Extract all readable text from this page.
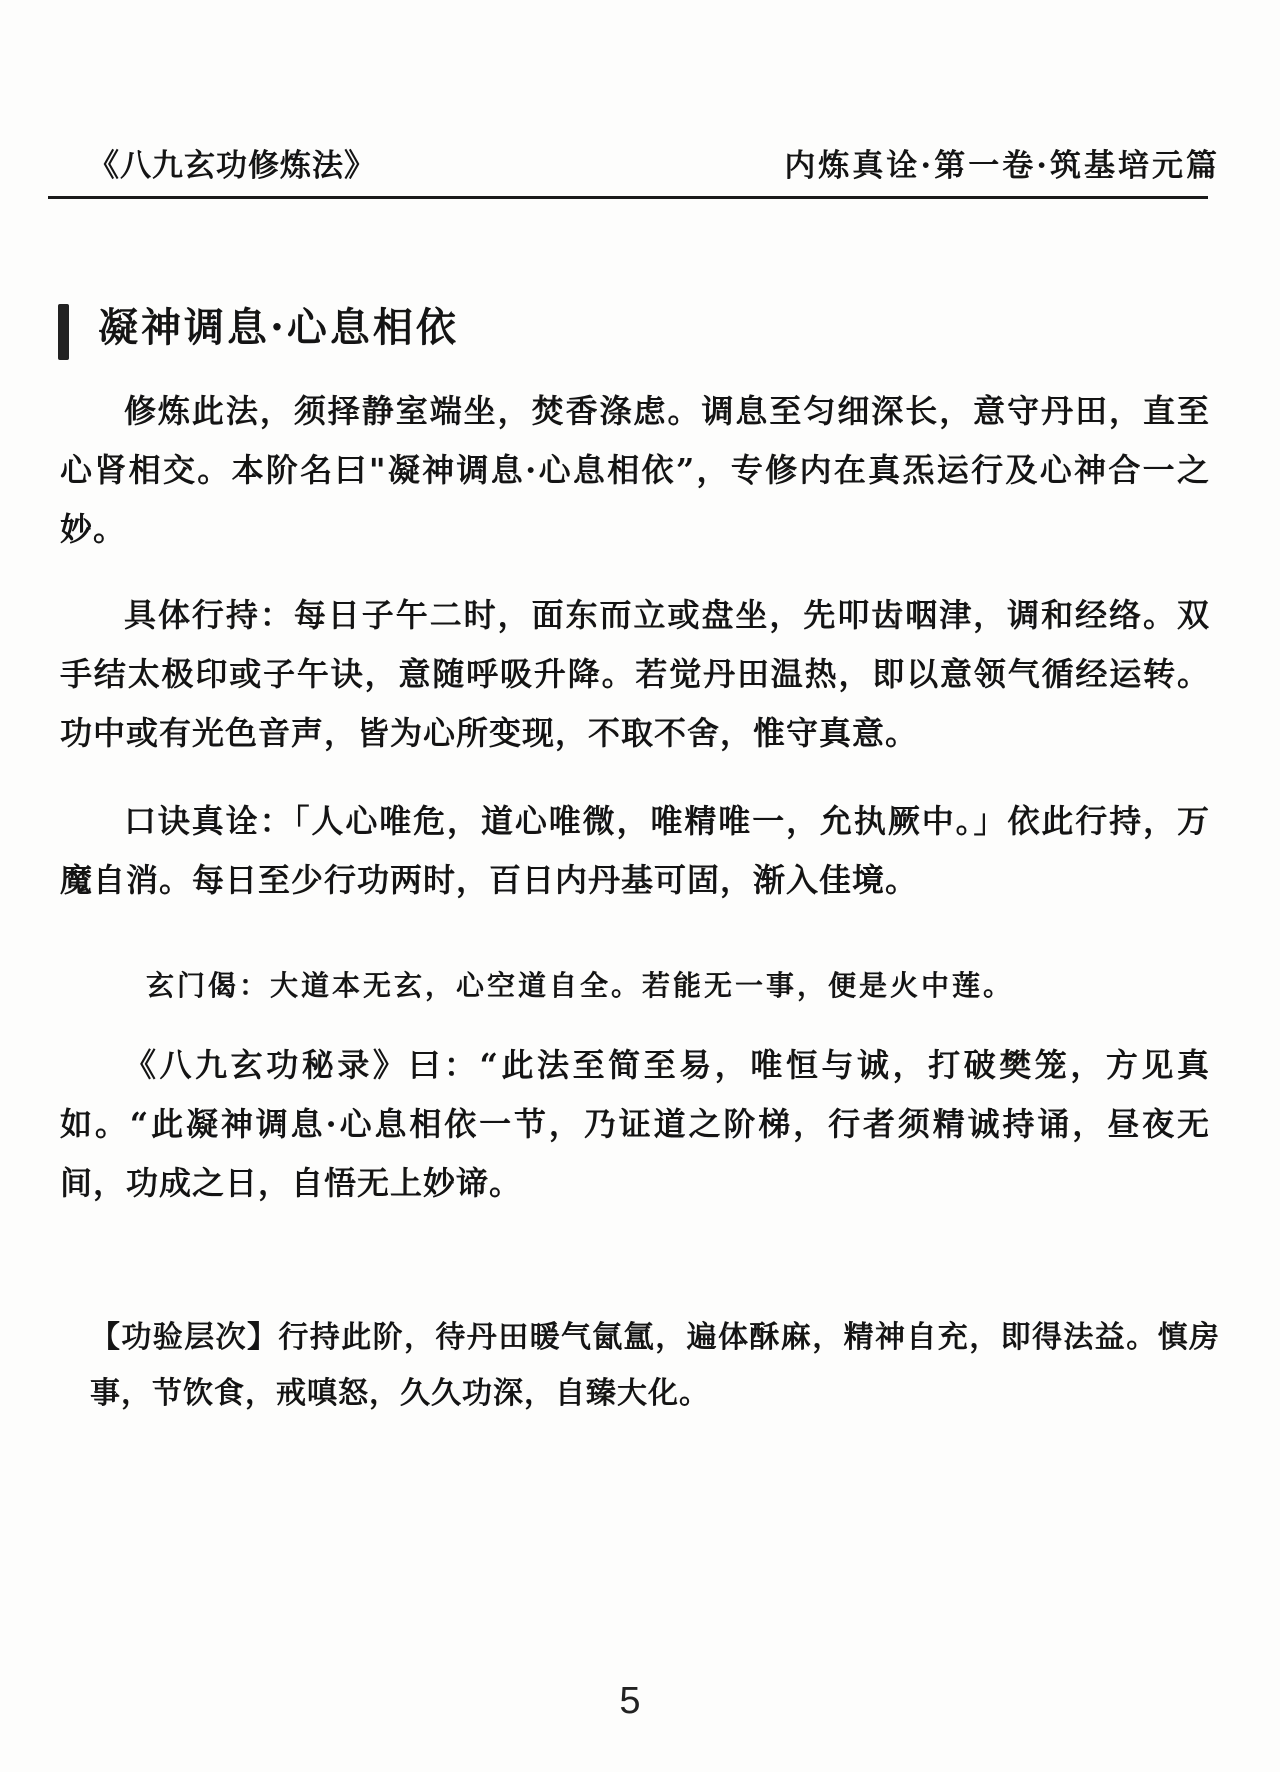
《八九玄功修炼法》	内炼真诠·第一卷·筑基培元篇
凝神调息·心息相依

修炼此法，须择静室端坐，焚香涤虑。调息至匀细深长，意守丹田，直至心肾相交。本阶名曰"凝神调息·心息相依”，专修内在真炁运行及心神合一之妙。

具体行持：每日子午二时，面东而立或盘坐，先叩齿咽津，调和经络。双手结太极印或子午诀，意随呼吸升降。若觉丹田温热，即以意领气循经运转。功中或有光色音声，皆为心所变现，不取不舍，惟守真意。

口诀真诠：「人心唯危，道心唯微，唯精唯一，允执厥中。」依此行持，万魔自消。每日至少行功两时，百日内丹基可固，渐入佳境。

玄门偈：大道本无玄，心空道自全。若能无一事，便是火中莲。

《八九玄功秘录》曰：“此法至简至易，唯恒与诚，打破樊笼，方见真如。“此凝神调息·心息相依一节，乃证道之阶梯，行者须精诚持诵，昼夜无间，功成之日，自悟无上妙谛。

【功验层次】行持此阶，待丹田暖气氤氲，遍体酥麻，精神自充，即得法益。慎房事，节饮食，戒嗔怒，久久功深，自臻大化。

5
